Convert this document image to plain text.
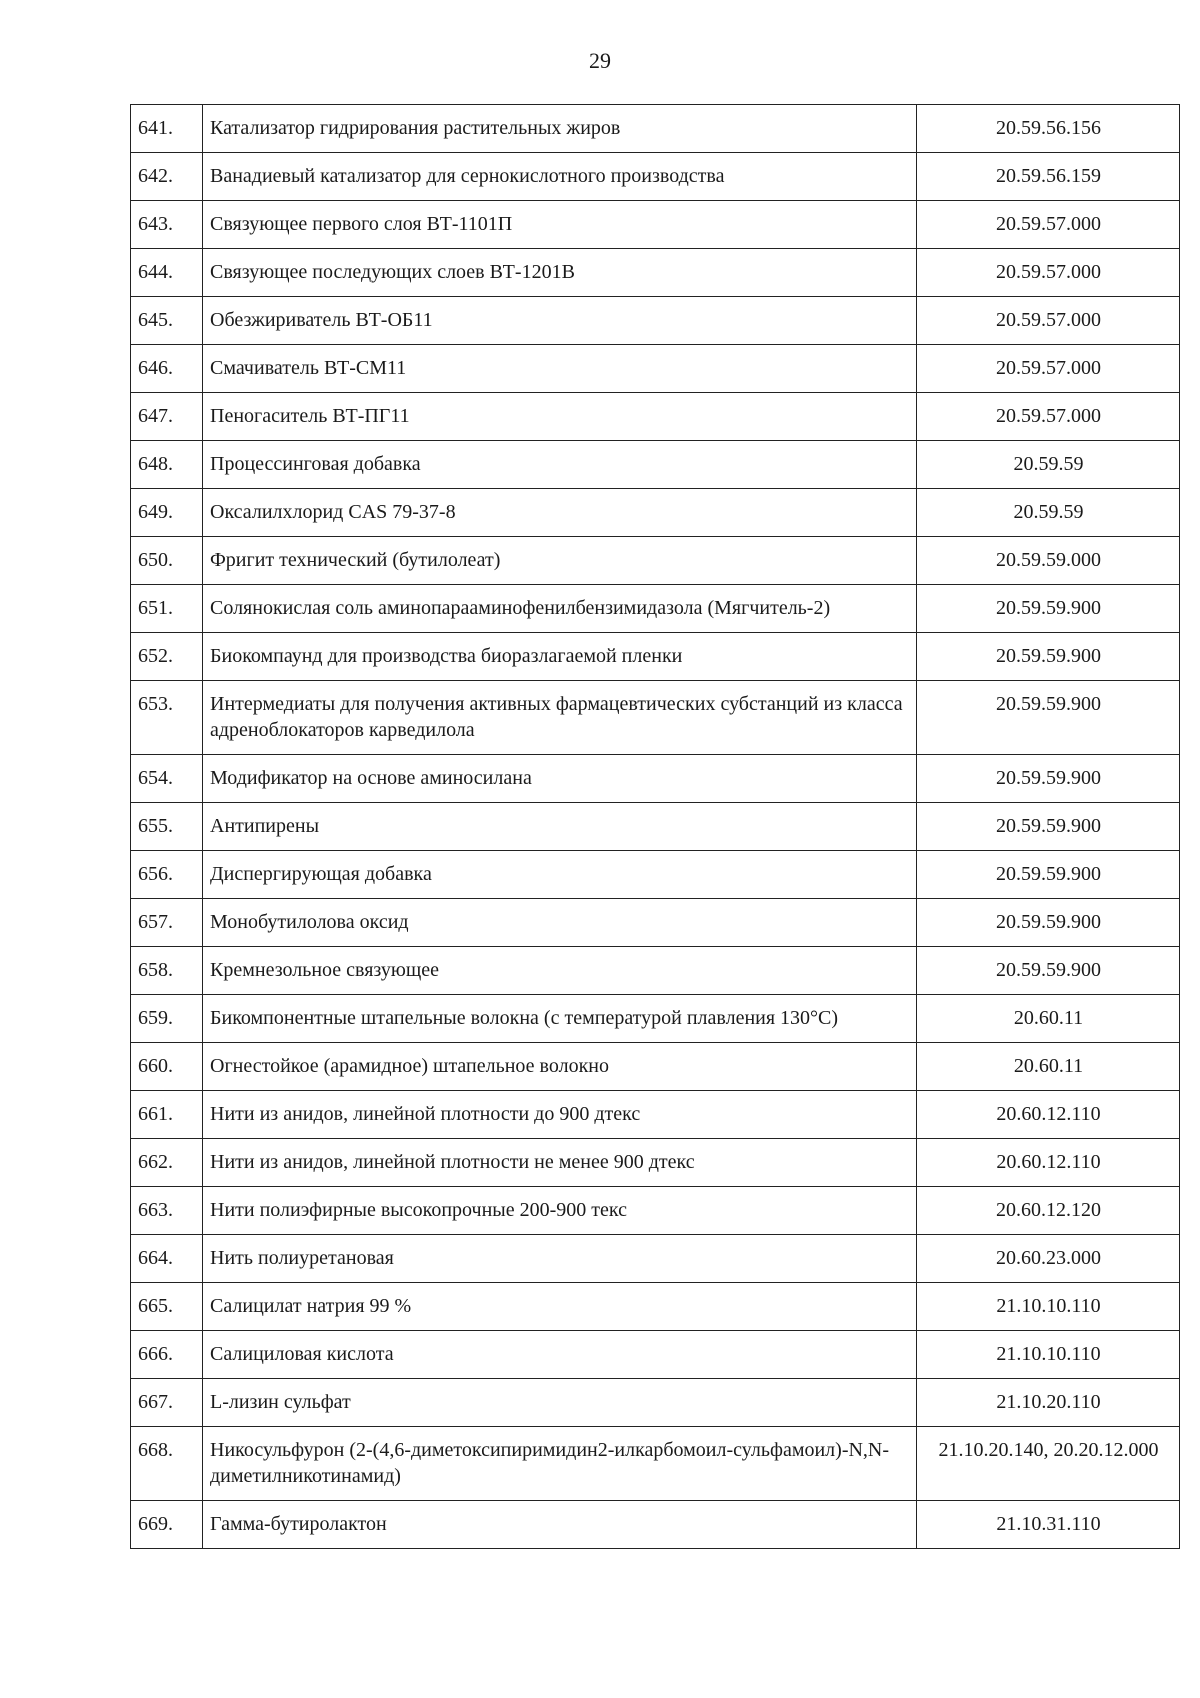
29
641.	Катализатор гидрирования растительных жиров	20.59.56.156
642.	Ванадиевый катализатор для сернокислотного производства	20.59.56.159
643.	Связующее первого слоя ВТ-1101П	20.59.57.000
644.	Связующее последующих слоев ВТ-1201В	20.59.57.000
645.	Обезжириватель ВТ-ОБ11	20.59.57.000
646.	Смачиватель ВТ-СМ11	20.59.57.000
647.	Пеногаситель ВТ-ПГ11	20.59.57.000
648.	Процессинговая добавка	20.59.59
649.	Оксалилхлорид CAS 79-37-8	20.59.59
650.	Фригит технический (бутилолеат)	20.59.59.000
651.	Солянокислая соль аминопарааминофенилбензимидазола (Мягчитель-2)	20.59.59.900
652.	Биокомпаунд для производства биоразлагаемой пленки	20.59.59.900
653.	Интермедиаты для получения активных фармацевтических субстанций из класса адреноблокаторов карведилола	20.59.59.900
654.	Модификатор на основе аминосилана	20.59.59.900
655.	Антипирены	20.59.59.900
656.	Диспергирующая добавка	20.59.59.900
657.	Монобутилолова оксид	20.59.59.900
658.	Кремнезольное связующее	20.59.59.900
659.	Бикомпонентные штапельные волокна (с температурой плавления 130°С)	20.60.11
660.	Огнестойкое (арамидное) штапельное волокно	20.60.11
661.	Нити из анидов, линейной плотности до 900 дтекс	20.60.12.110
662.	Нити из анидов, линейной плотности не менее 900 дтекс	20.60.12.110
663.	Нити полиэфирные высокопрочные 200-900 текс	20.60.12.120
664.	Нить полиуретановая	20.60.23.000
665.	Салицилат натрия 99 %	21.10.10.110
666.	Салициловая кислота	21.10.10.110
667.	L-лизин сульфат	21.10.20.110
668.	Никосульфурон (2-(4,6-диметоксипиримидин2-илкарбомоил-сульфамоил)-N,N-диметилникотинамид)	21.10.20.140, 20.20.12.000
669.	Гамма-бутиролактон	21.10.31.110
